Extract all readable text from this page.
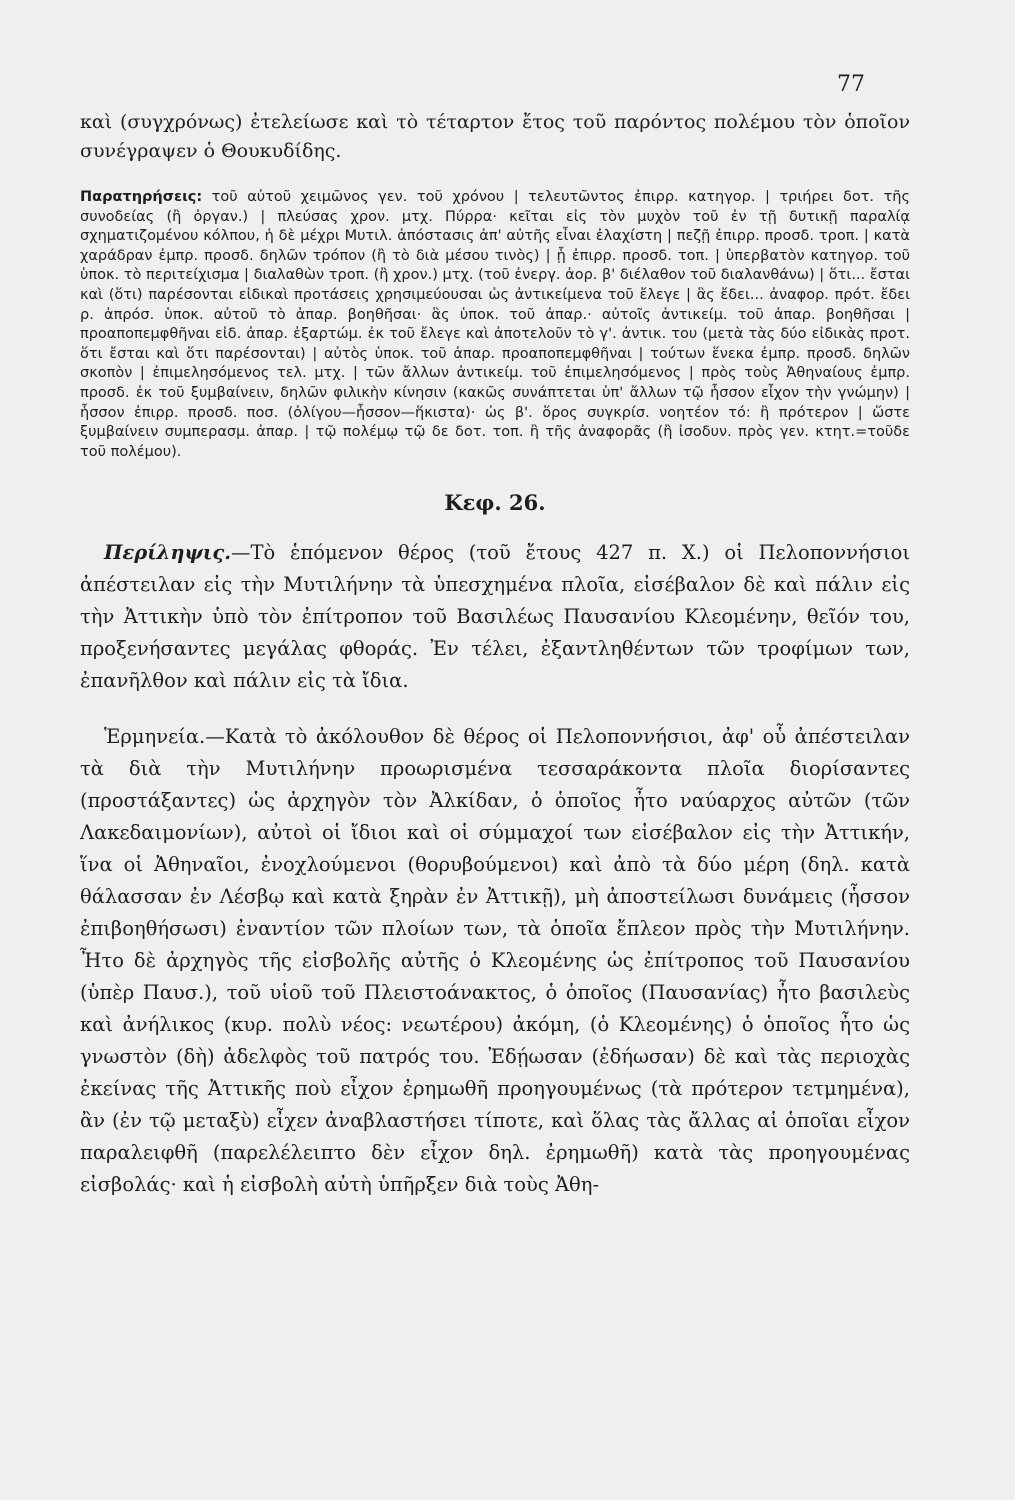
77

καὶ (συγχρόνως) ἐτελείωσε καὶ τὸ τέταρτον ἔτος τοῦ παρόντος πολέμου τὸν ὁποῖον συνέγραψεν ὁ Θουκυδίδης.

Παρατηρήσεις: τοῦ αὐτοῦ χειμῶνος γεν. τοῦ χρόνου | τελευτῶντος ἐπιρρ. κατηγορ. | τριήρει δοτ. τῆς συνοδείας (ἢ ὀργαν.) | πλεύσας χρον. μτχ. Πύρρα· κεῖται εἰς τὸν μυχὸν τοῦ ἐν τῇ δυτικῇ παραλίᾳ σχηματιζομένου κόλπου, ἡ δὲ μέχρι Μυτιλ. ἀπόστασις ἀπ' αὐτῆς εἶναι ἐλαχίστη | πεζῇ ἐπιρρ. προσδ. τροπ. | κατὰ χαράδραν ἐμπρ. προσδ. δηλῶν τρόπον (ἢ τὸ διὰ μέσου τινὸς) | ᾗ ἐπιρρ. προσδ. τοπ. | ὑπερβατὸν κατηγορ. τοῦ ὑποκ. τὸ περιτείχισμα | διαλαθὼν τροπ. (ἢ χρον.) μτχ. (τοῦ ἐνεργ. ἀορ. β' διέλαθον τοῦ διαλανθάνω) | ὅτι... ἔσται καὶ (ὅτι) παρέσονται εἰδικαὶ προτάσεις χρησιμεύουσαι ὡς ἀντικείμενα τοῦ ἔλεγε | ἃς ἔδει... ἀναφορ. πρότ. ἔδει ρ. ἀπρόσ. ὑποκ. αὐτοῦ τὸ ἀπαρ. βοηθῆσαι· ἃς ὑποκ. τοῦ ἀπαρ.· αὐτοῖς ἀντικείμ. τοῦ ἀπαρ. βοηθῆσαι | προαποπεμφθῆναι εἰδ. ἀπαρ. ἐξαρτώμ. ἐκ τοῦ ἔλεγε καὶ ἀποτελοῦν τὸ γ'. ἀντικ. του (μετὰ τὰς δύο εἰδικὰς προτ. ὅτι ἔσται καὶ ὅτι παρέσονται) | αὐτὸς ὑποκ. τοῦ ἀπαρ. προαποπεμφθῆναι | τούτων ἕνεκα ἐμπρ. προσδ. δηλῶν σκοπὸν | ἐπιμελησόμενος τελ. μτχ. | τῶν ἄλλων ἀντικείμ. τοῦ ἐπιμελησόμενος | πρὸς τοὺς Ἀθηναίους ἐμπρ. προσδ. ἐκ τοῦ ξυμβαίνειν, δηλῶν φιλικὴν κίνησιν (κακῶς συνάπτεται ὑπ' ἄλλων τῷ ἧσσον εἶχον τὴν γνώμην) | ἧσσον ἐπιρρ. προσδ. ποσ. (ὀλίγου—ἧσσον—ἥκιστα)· ὡς β'. ὅρος συγκρίσ. νοητέον τό: ἢ πρότερον | ὥστε ξυμβαίνειν συμπερασμ. ἀπαρ. | τῷ πολέμῳ τῷ δε δοτ. τοπ. ἢ τῆς ἀναφορᾶς (ἢ ἰσοδυν. πρὸς γεν. κτητ.=τοῦδε τοῦ πολέμου).

Κεφ. 26.

Περίληψις.—Τὸ ἑπόμενον θέρος (τοῦ ἔτους 427 π. Χ.) οἱ Πελοποννήσιοι ἀπέστειλαν εἰς τὴν Μυτιλήνην τὰ ὑπεσχημένα πλοῖα, εἰσέβαλον δὲ καὶ πάλιν εἰς τὴν Ἀττικὴν ὑπὸ τὸν ἐπίτροπον τοῦ Βασιλέως Παυσανίου Κλεομένην, θεῖόν του, προξενήσαντες μεγάλας φθοράς. Ἐν τέλει, ἐξαντληθέντων τῶν τροφίμων των, ἐπανῆλθον καὶ πάλιν εἰς τὰ ἴδια.

Ἑρμηνεία.—Κατὰ τὸ ἀκόλουθον δὲ θέρος οἱ Πελοποννήσιοι, ἀφ' οὗ ἀπέστειλαν τὰ διὰ τὴν Μυτιλήνην προωρισμένα τεσσαράκοντα πλοῖα διορίσαντες (προστάξαντες) ὡς ἀρχηγὸν τὸν Ἀλκίδαν, ὁ ὁποῖος ἦτο ναύαρχος αὐτῶν (τῶν Λακεδαιμονίων), αὐτοὶ οἱ ἴδιοι καὶ οἱ σύμμαχοί των εἰσέβαλον εἰς τὴν Ἀττικήν, ἵνα οἱ Ἀθηναῖοι, ἐνοχλούμενοι (θορυβούμενοι) καὶ ἀπὸ τὰ δύο μέρη (δηλ. κατὰ θάλασσαν ἐν Λέσβῳ καὶ κατὰ ξηρὰν ἐν Ἀττικῇ), μὴ ἀποστείλωσι δυνάμεις (ἧσσον ἐπιβοηθήσωσι) ἐναντίον τῶν πλοίων των, τὰ ὁποῖα ἔπλεον πρὸς τὴν Μυτιλήνην. Ἦτο δὲ ἀρχηγὸς τῆς εἰσβολῆς αὐτῆς ὁ Κλεομένης ὡς ἐπίτροπος τοῦ Παυσανίου (ὑπὲρ Παυσ.), τοῦ υἱοῦ τοῦ Πλειστοάνακτος, ὁ ὁποῖος (Παυσανίας) ἦτο βασιλεὺς καὶ ἀνήλικος (κυρ. πολὺ νέος: νεωτέρου) ἀκόμη, (ὁ Κλεομένης) ὁ ὁποῖος ἦτο ὡς γνωστὸν (δὴ) ἀδελφὸς τοῦ πατρός του. Ἐδῄωσαν (ἐδήωσαν) δὲ καὶ τὰς περιοχὰς ἐκείνας τῆς Ἀττικῆς ποὺ εἶχον ἐρημωθῆ προηγουμένως (τὰ πρότερον τετμημένα), ἂν (ἐν τῷ μεταξὺ) εἶχεν ἀναβλαστήσει τίποτε, καὶ ὅλας τὰς ἄλλας αἱ ὁποῖαι εἶχον παραλειφθῆ (παρελέλειπτο δὲν εἶχον δηλ. ἐρημωθῆ) κατὰ τὰς προηγουμένας εἰσβολάς· καὶ ἡ εἰσβολὴ αὐτὴ ὑπῆρξεν διὰ τοὺς Ἀθη-
